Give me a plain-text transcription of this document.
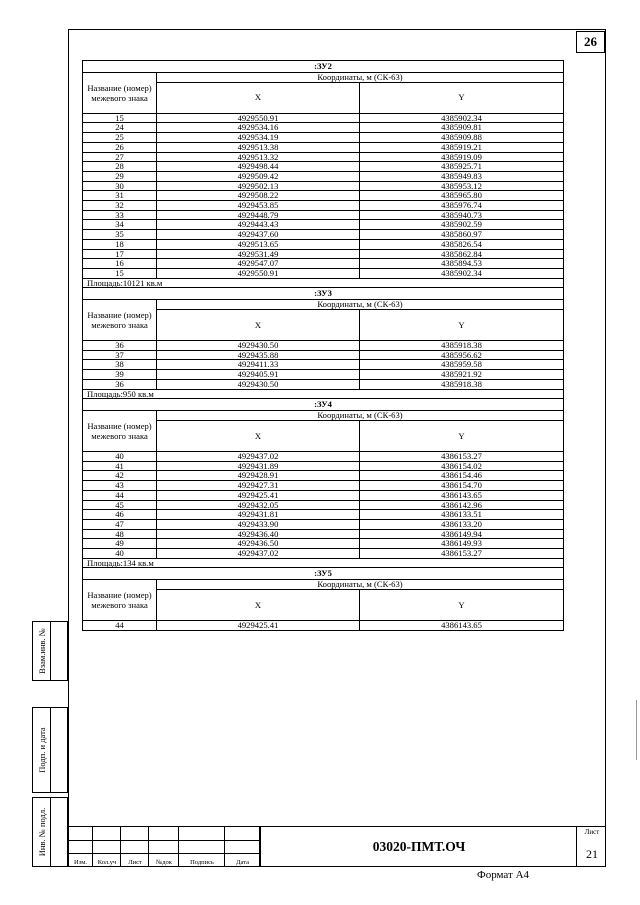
26
:ЗУ2		
Название (номер) межевого знака	Координаты, м (СК-63)	
	X	Y
15	4929550.91	4385902.34
24	4929534.16	4385909.81
25	4929534.19	4385909.88
26	4929513.38	4385919.21
27	4929513.32	4385919.09
28	4929498.44	4385925.71
29	4929509.42	4385949.83
30	4929502.13	4385953.12
31	4929508.22	4385965.80
32	4929453.85	4385976.74
33	4929448.79	4385940.73
34	4929443.43	4385902.59
35	4929437.60	4385860.97
18	4929513.65	4385826.54
17	4929531.49	4385862.84
16	4929547.07	4385894.53
15	4929550.91	4385902.34
Площадь:10121 кв.м		
:ЗУ3		
Название (номер) межевого знака	Координаты, м (СК-63)	
	X	Y
36	4929430.50	4385918.38
37	4929435.88	4385956.62
38	4929411.33	4385959.58
39	4929405.91	4385921.92
36	4929430.50	4385918.38
Площадь:950 кв.м		
:ЗУ4		
Название (номер) межевого знака	Координаты, м (СК-63)	
	X	Y
40	4929437.02	4386153.27
41	4929431.89	4386154.02
42	4929428.91	4386154.46
43	4929427.31	4386154.70
44	4929425.41	4386143.65
45	4929432.05	4386142.96
46	4929431.81	4386133.51
47	4929433.90	4386133.20
48	4929436.40	4386149.94
49	4929436.50	4386149.93
40	4929437.02	4386153.27
Площадь:134 кв.м		
:ЗУ5		
Название (номер) межевого знака	Координаты, м (СК-63)	
	X	Y
44	4929425.41	4386143.65
Взам.инв. №
Подп. и дата
Инв. № подл.
Изм.	Кол.уч	Лист	№док	Подпись	Дата
03020-ПМТ.ОЧ
Лист
21
Формат А4
